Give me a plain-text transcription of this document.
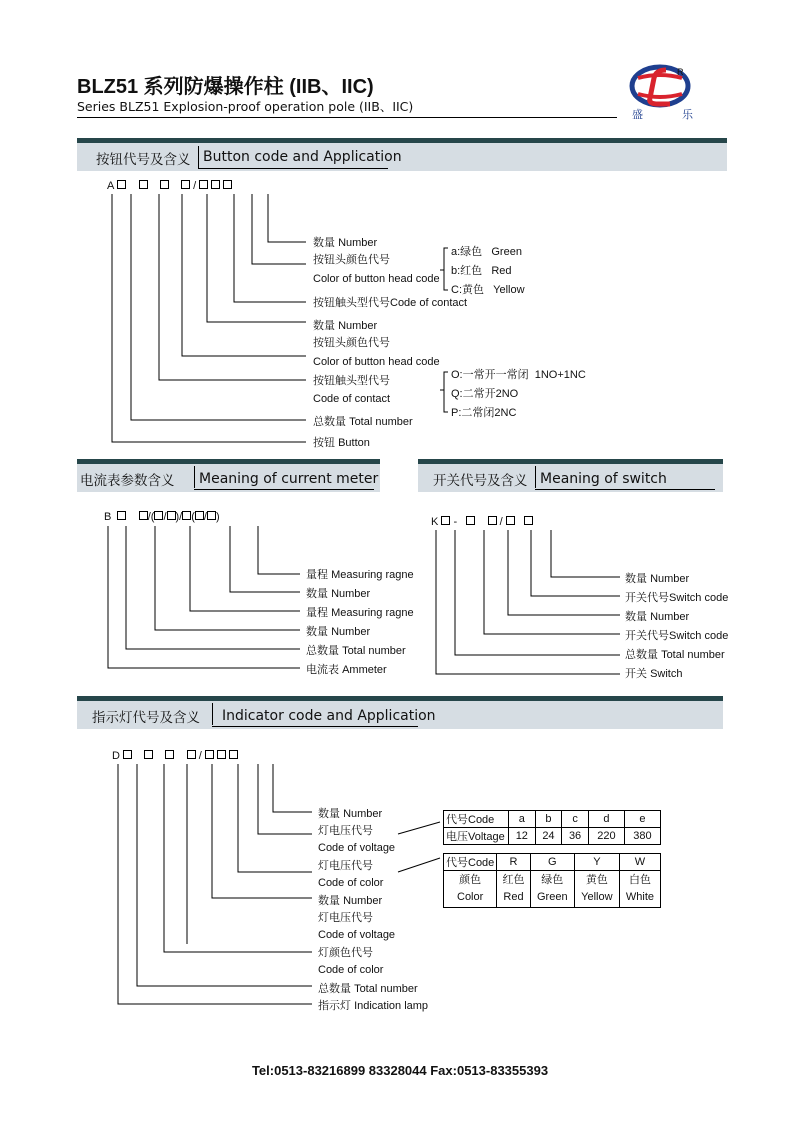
BLZ51 系列防爆操作柱 (IIB、IIC)
Series BLZ51 Explosion-proof operation pole (IIB、IIC)
R
盛 乐
按钮代号及含义 Button code and Application
A	/
数量 Number
按钮头颜色代号
Color of button head code
按钮触头型代号Code of contact
数量 Number
按钮头颜色代号
Color of button head code
按钮触头型代号
Code of contact
总数量 Total number
按钮 Button
a:绿色 Green
b:红色 Red
C:黄色 Yellow
O:一常开一常闭 1NO+1NC
Q:二常开2NO
P:二常闭2NC
电流表参数含义 Meaning of current meter
B	/( / )/ ( / )
量程 Measuring ragne
数量 Number
量程 Measuring ragne
数量 Number
总数量 Total number
电流表 Ammeter
开关代号及含义 Meaning of switch
K  -	/
数量 Number
开关代号Switch code
数量 Number
开关代号Switch code
总数量 Total number
开关 Switch
指示灯代号及含义 Indicator code and Application
D	/
数量 Number
灯电压代号
Code of voltage
灯电压代号
Code of color
数量 Number
灯电压代号
Code of voltage
灯颜色代号
Code of color
总数量 Total number
指示灯 Indication lamp
代号Code	a	b	c	d	e
电压Voltage	12	24	36	220	380
代号Code	R	G	Y	W
颜色	红色	绿色	黄色	白色
Color	Red	Green	Yellow	White
Tel:0513-83216899 83328044 Fax:0513-83355393
